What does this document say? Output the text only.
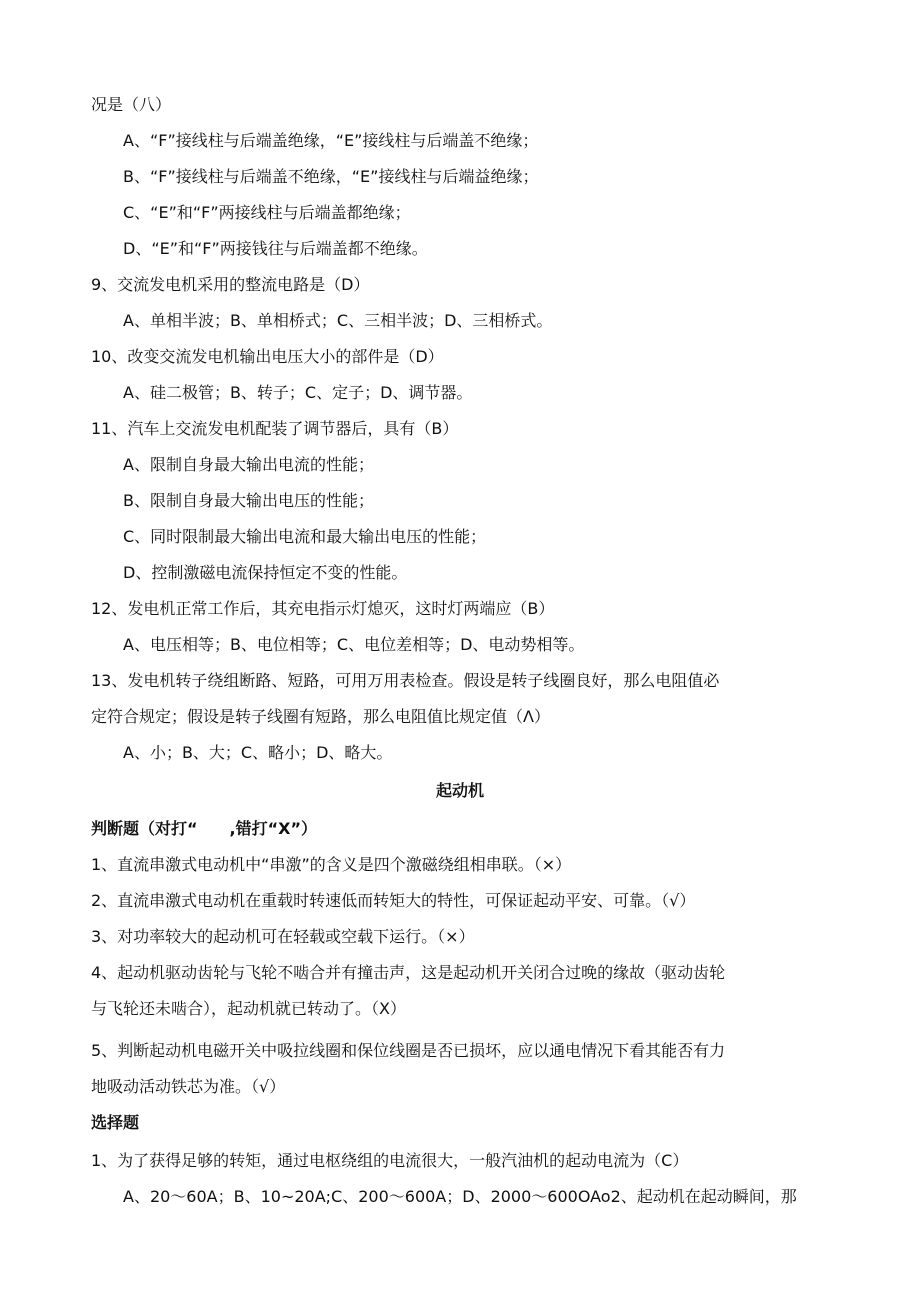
况是（八）
A、“F”接线柱与后端盖绝缘，“E”接线柱与后端盖不绝缘；
B、“F”接线柱与后端盖不绝缘，“E”接线柱与后端益绝缘；
C、“E”和“F”两接线柱与后端盖都绝缘；
D、“E”和“F”两接钱往与后端盖都不绝缘。
9、交流发电机采用的整流电路是（D）
A、单相半波；B、单相桥式；C、三相半波；D、三相桥式。
10、改变交流发电机输出电压大小的部件是（D）
A、硅二极管；B、转子；C、定子；D、调节器。
11、汽车上交流发电机配装了调节器后，具有（B）
A、限制自身最大输出电流的性能；
B、限制自身最大输出电压的性能；
C、同时限制最大输出电流和最大输出电压的性能；
D、控制激磁电流保持恒定不变的性能。
12、发电机正常工作后，其充电指示灯熄灭，这时灯两端应（B）
A、电压相等；B、电位相等；C、电位差相等；D、电动势相等。
13、发电机转子绕组断路、短路，可用万用表检查。假设是转子线圈良好，那么电阻值必
定符合规定；假设是转子线圈有短路，那么电阻值比规定值（Λ）
A、小；B、大；C、略小；D、略大。
起动机
判断题（对打“　　,错打“X”）
1、直流串激式电动机中“串激”的含义是四个激磁绕组相串联。（×）
2、直流串激式电动机在重载时转速低而转矩大的特性，可保证起动平安、可靠。（√）
3、对功率较大的起动机可在轻载或空载下运行。（×）
4、起动机驱动齿轮与飞轮不啮合并有撞击声，这是起动机开关闭合过晚的缘故（驱动齿轮
与飞轮还未啮合），起动机就已转动了。（X）
5、判断起动机电磁开关中吸拉线圈和保位线圈是否已损坏，应以通电情况下看其能否有力
地吸动活动铁芯为准。（√）
选择题
1、为了获得足够的转矩，通过电枢绕组的电流很大，一般汽油机的起动电流为（C）
A、20～60A；B、10~20A;C、200～600A；D、2000～600OAo2、起动机在起动瞬间，那
